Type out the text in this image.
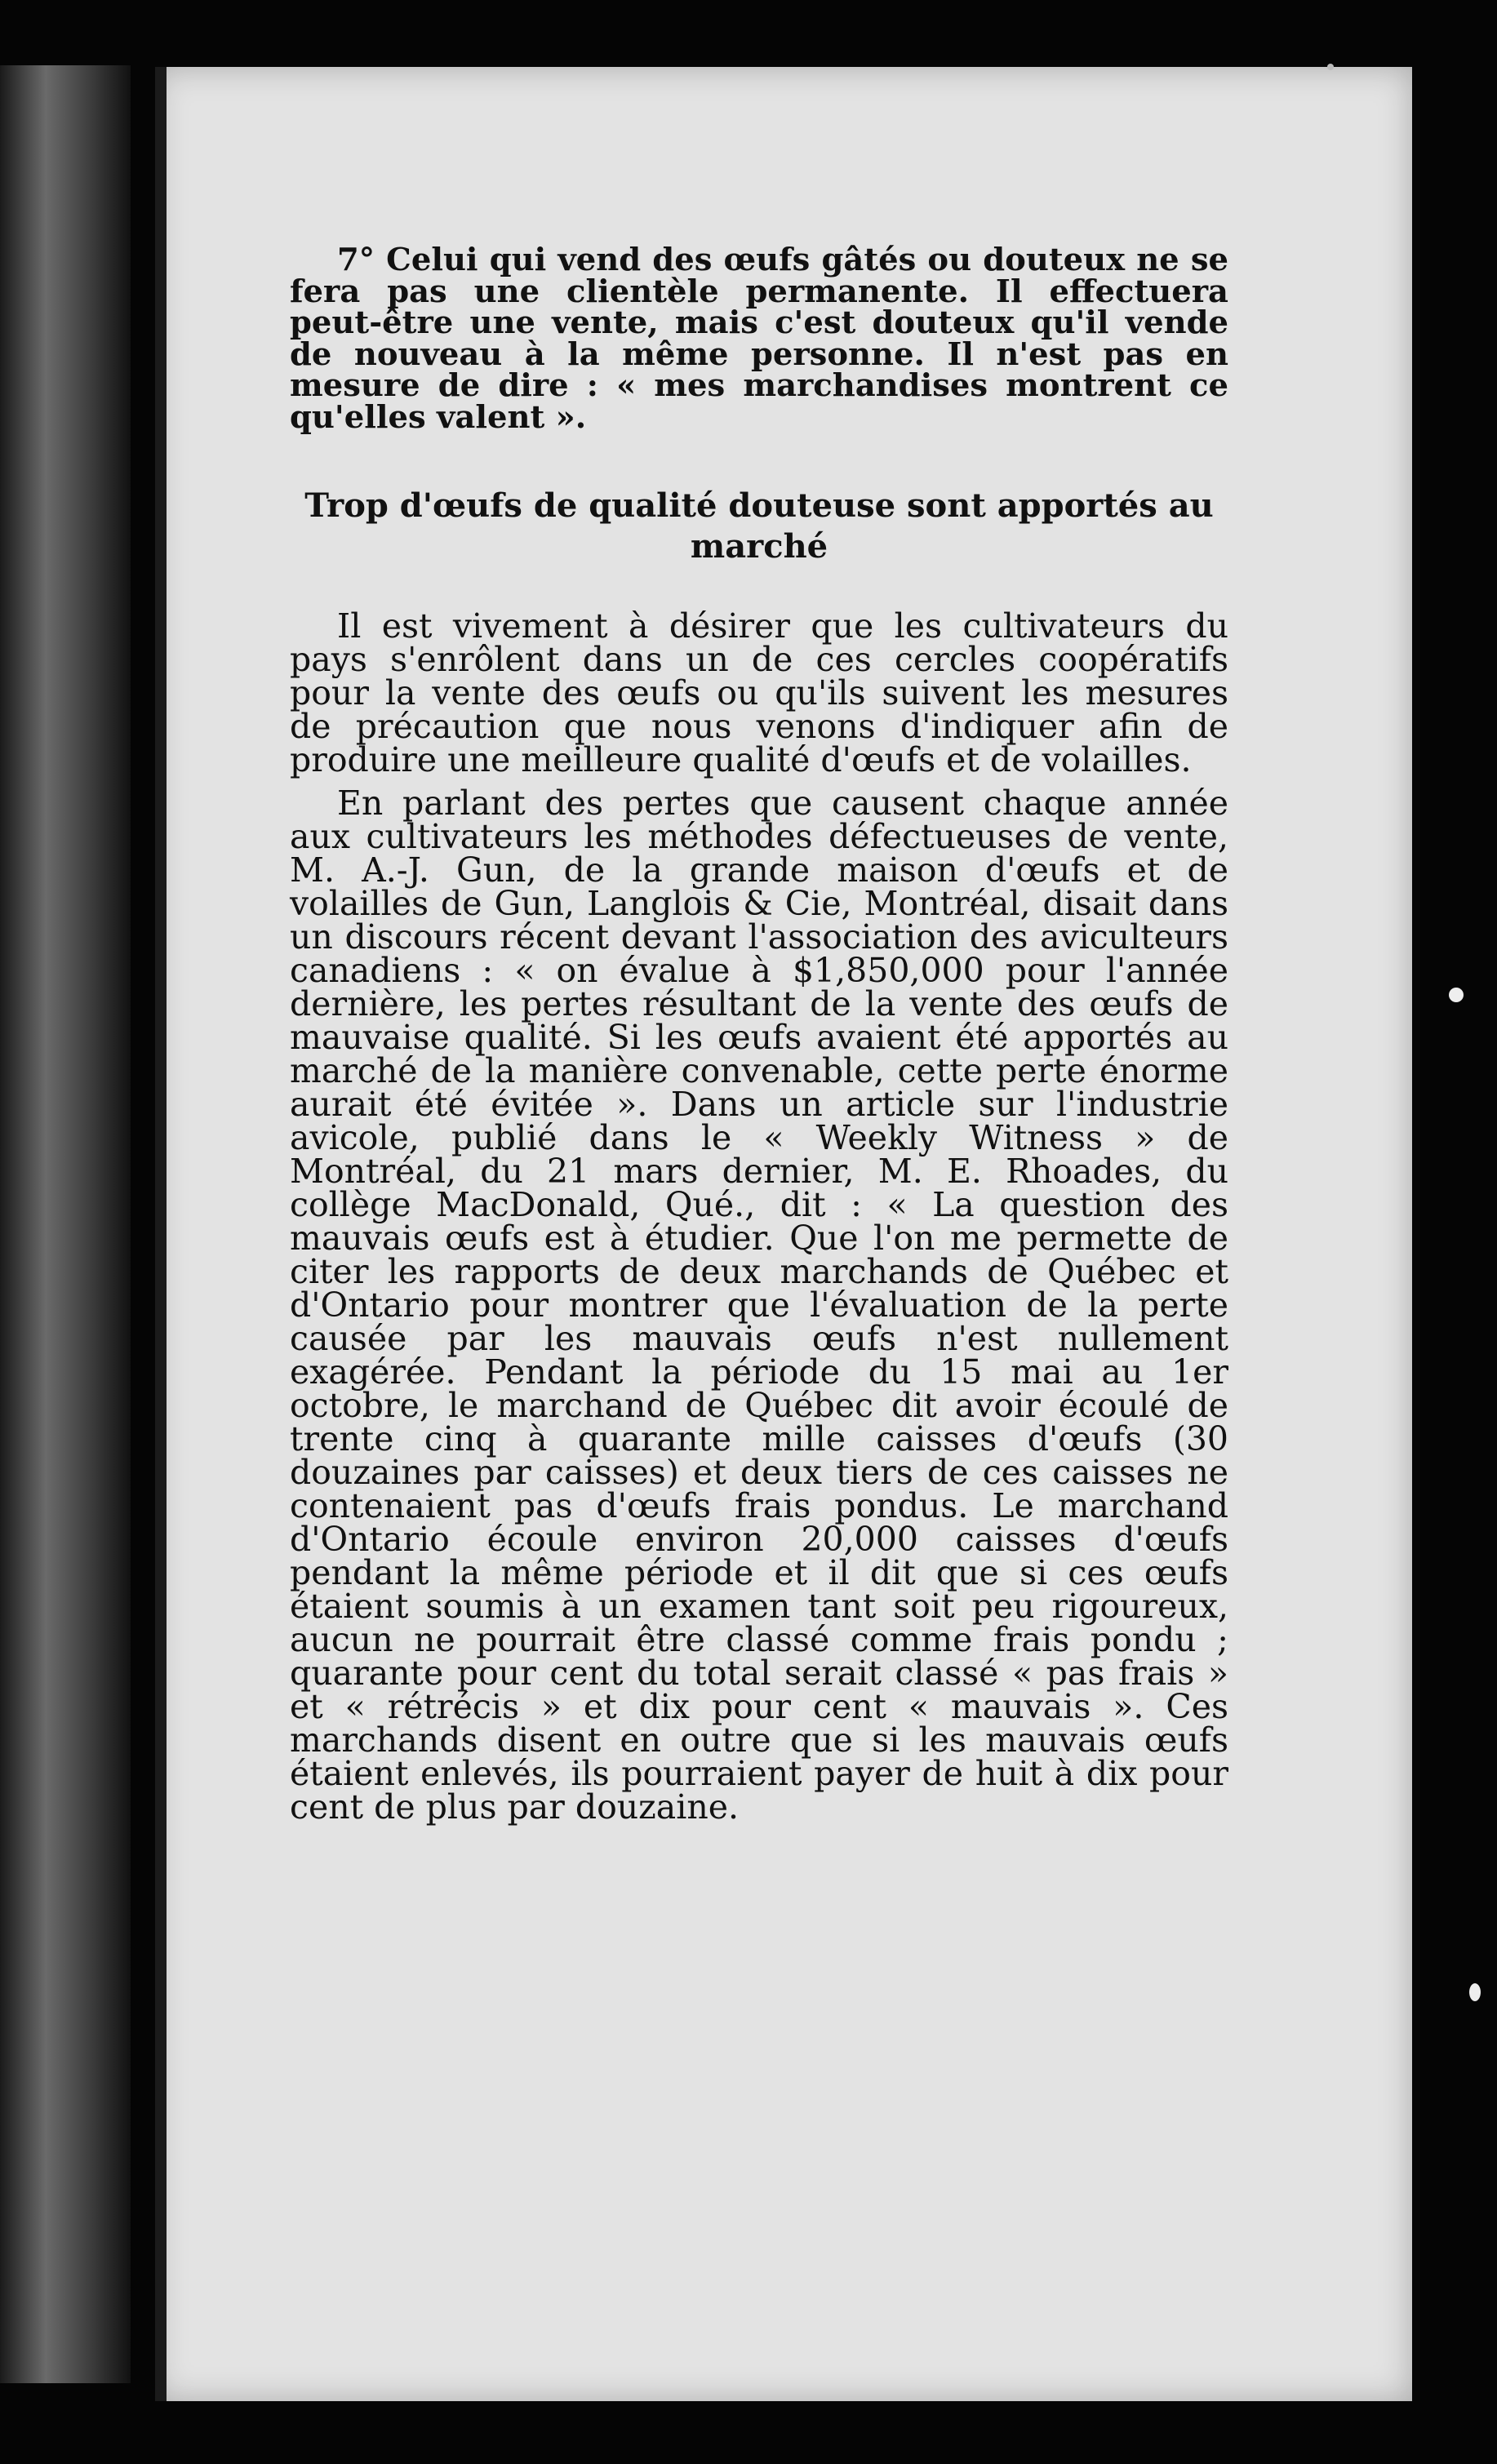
7° Celui qui vend des œufs gâtés ou douteux ne se fera pas une clientèle permanente. Il effectuera peut-être une vente, mais c'est douteux qu'il vende de nouveau à la même personne. Il n'est pas en mesure de dire : « mes marchandises montrent ce qu'elles valent ».

Trop d'œufs de qualité douteuse sont apportés au marché

Il est vivement à désirer que les cultivateurs du pays s'enrôlent dans un de ces cercles coopératifs pour la vente des œufs ou qu'ils suivent les mesures de précaution que nous venons d'indiquer afin de produire une meilleure qualité d'œufs et de volailles.

En parlant des pertes que causent chaque année aux cultivateurs les méthodes défectueuses de vente, M. A.-J. Gun, de la grande maison d'œufs et de volailles de Gun, Langlois & Cie, Montréal, disait dans un discours récent devant l'association des aviculteurs canadiens : « on évalue à $1,850,000 pour l'année dernière, les pertes résultant de la vente des œufs de mauvaise qualité. Si les œufs avaient été apportés au marché de la manière convenable, cette perte énorme aurait été évitée ». Dans un article sur l'industrie avicole, publié dans le « Weekly Witness » de Montréal, du 21 mars dernier, M. E. Rhoades, du collège MacDonald, Qué., dit : « La question des mauvais œufs est à étudier. Que l'on me permette de citer les rapports de deux marchands de Québec et d'Ontario pour montrer que l'évaluation de la perte causée par les mauvais œufs n'est nullement exagérée. Pendant la période du 15 mai au 1er octobre, le marchand de Québec dit avoir écoulé de trente cinq à quarante mille caisses d'œufs (30 douzaines par caisses) et deux tiers de ces caisses ne contenaient pas d'œufs frais pondus. Le marchand d'Ontario écoule environ 20,000 caisses d'œufs pendant la même période et il dit que si ces œufs étaient soumis à un examen tant soit peu rigoureux, aucun ne pourrait être classé comme frais pondu ; quarante pour cent du total serait classé « pas frais » et « rétrécis » et dix pour cent « mauvais ». Ces marchands disent en outre que si les mauvais œufs étaient enlevés, ils pourraient payer de huit à dix pour cent de plus par douzaine.
